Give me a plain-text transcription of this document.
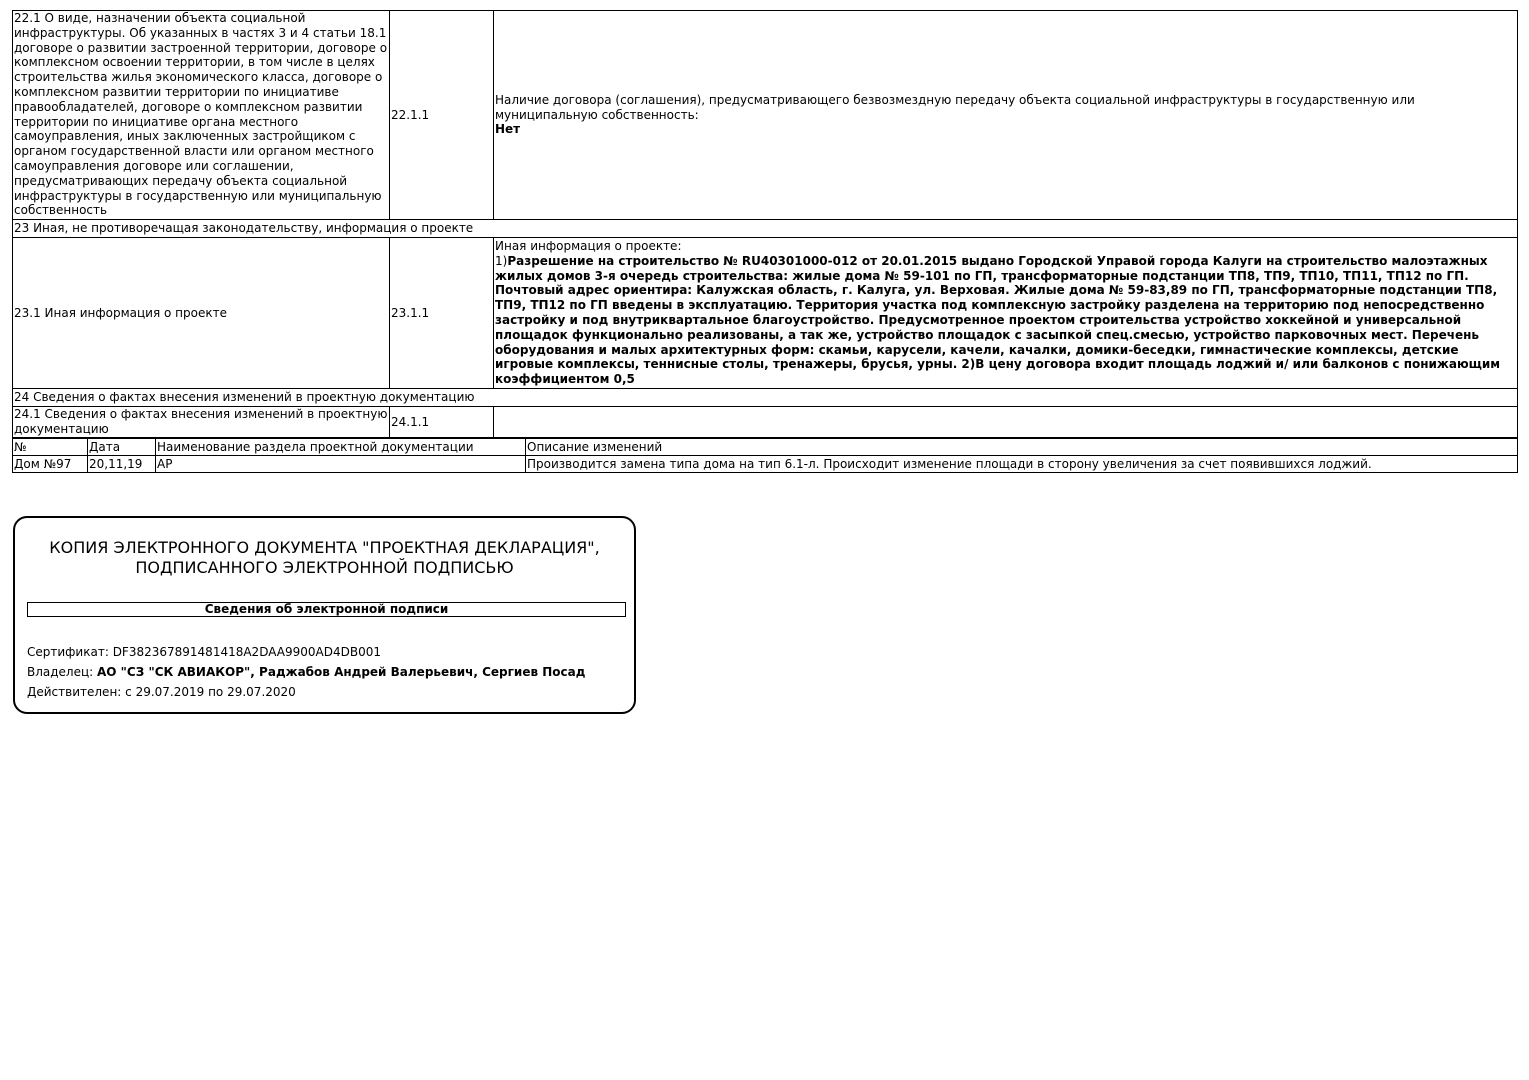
22.1 О виде, назначении объекта социальной инфраструктуры. Об указанных в частях 3 и 4 статьи 18.1 договоре о развитии застроенной территории, договоре о комплексном освоении территории, в том числе в целях строительства жилья экономического класса, договоре о комплексном развитии территории по инициативе правообладателей, договоре о комплексном развитии территории по инициативе органа местного самоуправления, иных заключенных застройщиком с органом государственной власти или органом местного самоуправления договоре или соглашении, предусматривающих передачу объекта социальной инфраструктуры в государственную или муниципальную собственность	22.1.1	Наличие договора (соглашения), предусматривающего безвозмездную передачу объекта социальной инфраструктуры в государственную или муниципальную собственность:
Нет

23 Иная, не противоречащая законодательству, информация о проекте		
23.1 Иная информация о проекте	23.1.1	Иная информация о проекте:
1)Разрешение на строительство № RU40301000-012 от 20.01.2015 выдано Городской Управой города Калуги на строительство малоэтажных жилых домов 3-я очередь строительства: жилые дома № 59-101 по ГП, трансформаторные подстанции ТП8, ТП9, ТП10, ТП11, ТП12 по ГП. Почтовый адрес ориентира: Калужская область, г. Калуга, ул. Верховая. Жилые дома № 59-83,89 по ГП, трансформаторные подстанции ТП8, ТП9, ТП12 по ГП введены в эксплуатацию. Территория участка под комплексную застройку разделена на территорию под непосредственно застройку и под внутриквартальное благоустройство. Предусмотренное проектом строительства устройство хоккейной и универсальной площадок функционально реализованы, а так же, устройство площадок с засыпкой спец.смесью, устройство парковочных мест. Перечень оборудования и малых архитектурных форм: скамьи, карусели, качели, качалки, домики-беседки, гимнастические комплексы, детские игровые комплексы, теннисные столы, тренажеры, брусья, урны. 2)В цену договора входит площадь лоджий и/ или балконов с понижающим коэффициентом 0,5

24 Сведения о фактах внесения изменений в проектную документацию		
24.1 Сведения о фактах внесения изменений в проектную документацию	24.1.1	
№	Дата	Наименование раздела проектной документации	Описание изменений
Дом №97	20,11,19	АР	Производится замена типа дома на тип 6.1-л. Происходит изменение площади в сторону увеличения за счет появившихся лоджий.
КОПИЯ ЭЛЕКТРОННОГО ДОКУМЕНТА "ПРОЕКТНАЯ ДЕКЛАРАЦИЯ",
ПОДПИСАННОГО ЭЛЕКТРОННОЙ ПОДПИСЬЮ
Сведения об электронной подписи
Сертификат: DF382367891481418A2DAA9900AD4DB001
Владелец: АО "СЗ "СК АВИАКОР", Раджабов Андрей Валерьевич, Сергиев Посад
Действителен: с 29.07.2019 по 29.07.2020
